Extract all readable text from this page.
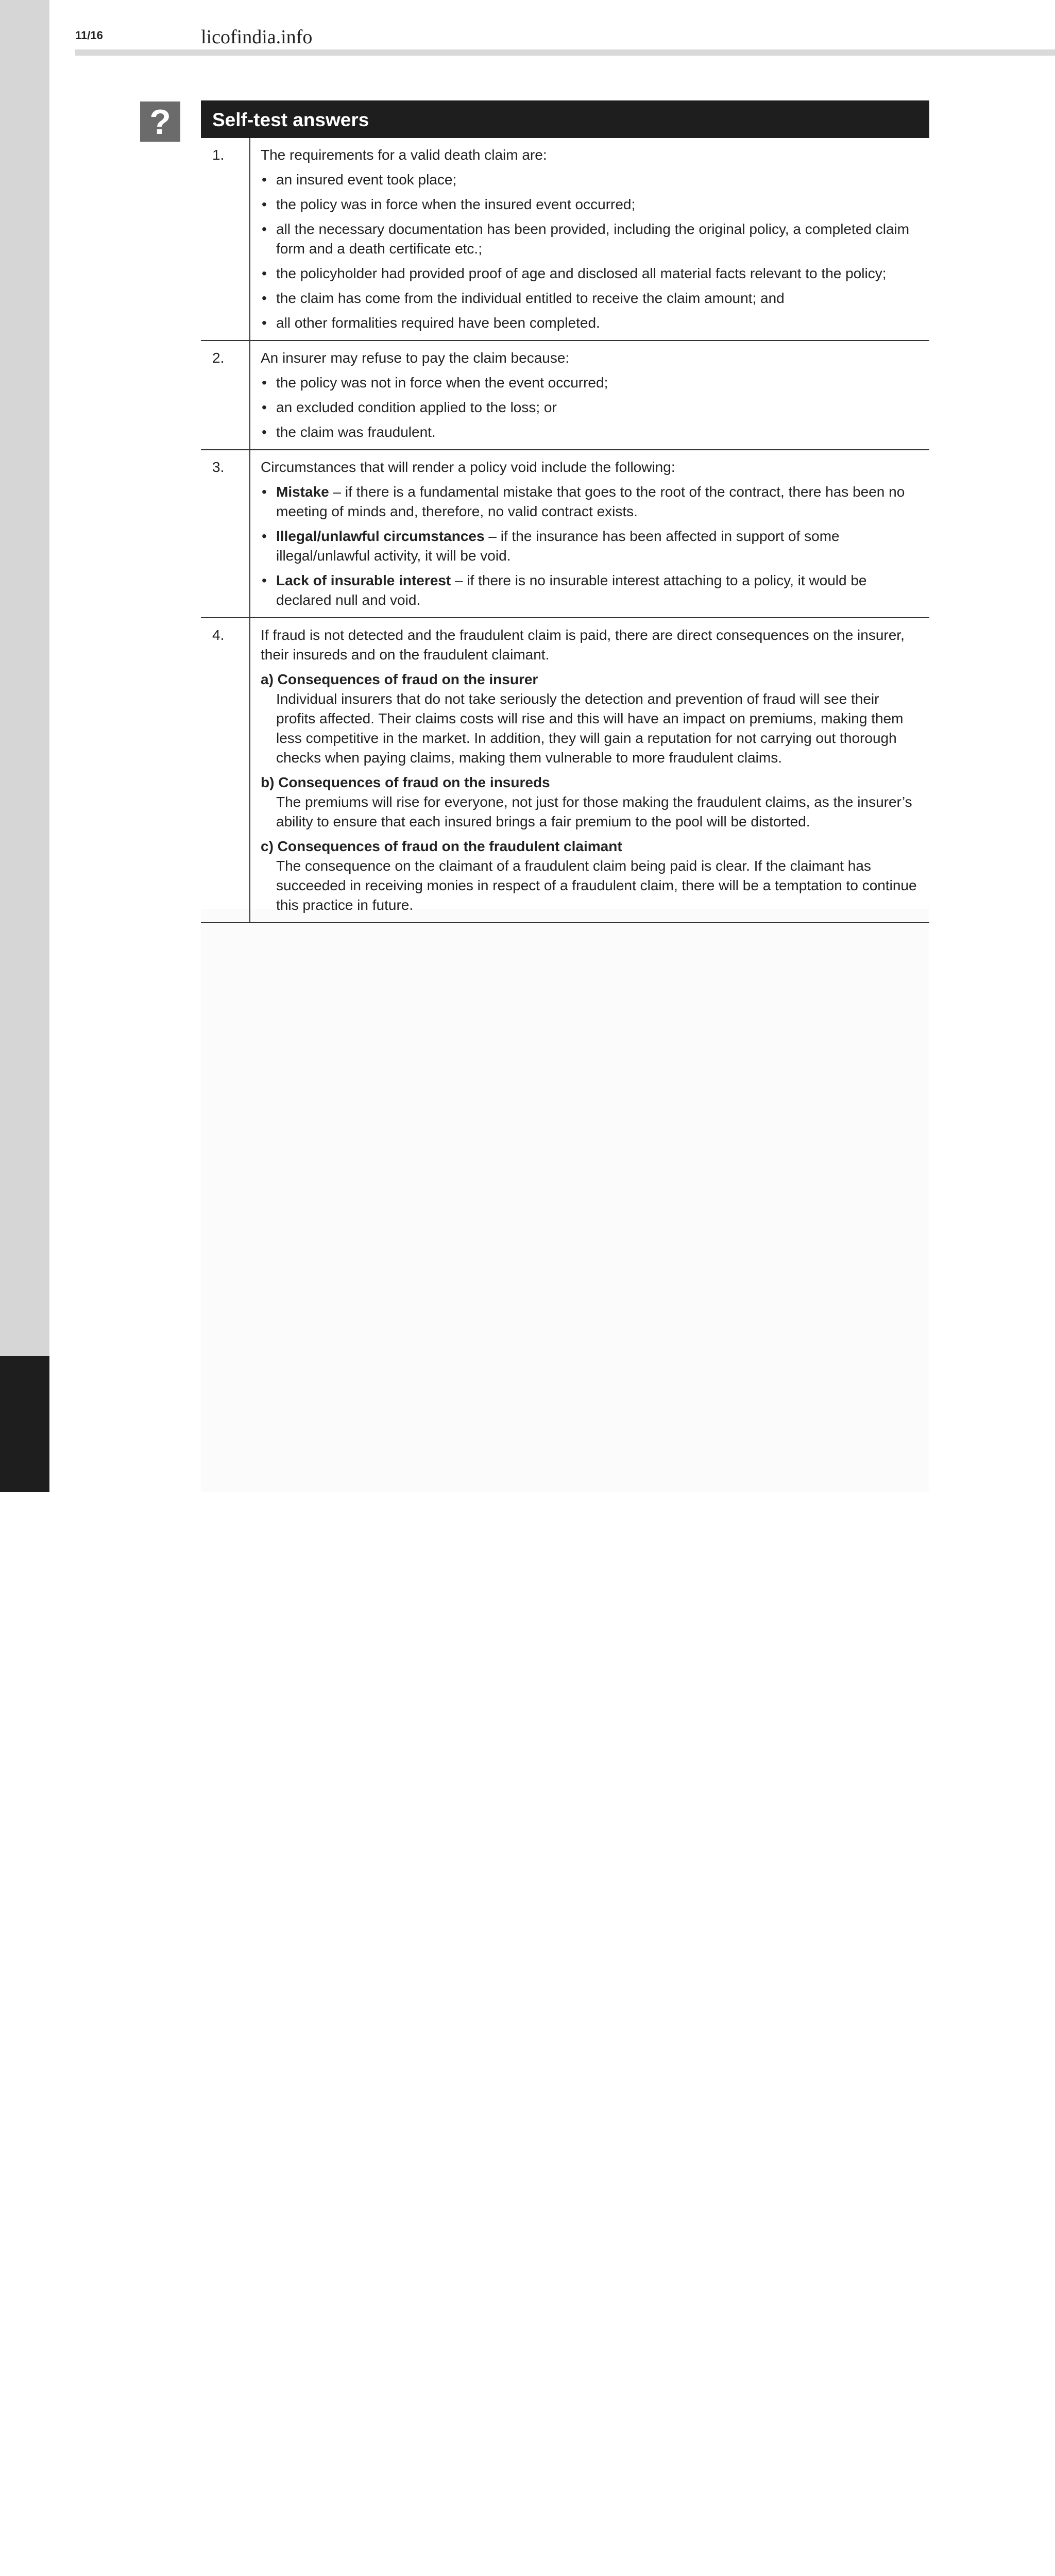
11/16	licofindia.info
?	Self-test answers
1.	The requirements for a valid death claim are:

• an insured event took place;
• the policy was in force when the insured event occurred;
• all the necessary documentation has been provided, including the original policy, a completed claim form and a death certificate etc.;
• the policyholder had provided proof of age and disclosed all material facts relevant to the policy;
• the claim has come from the individual entitled to receive the claim amount; and
• all other formalities required have been completed.
2.	An insurer may refuse to pay the claim because:

• the policy was not in force when the event occurred;
• an excluded condition applied to the loss; or
• the claim was fraudulent.
3.	Circumstances that will render a policy void include the following:

• Mistake – if there is a fundamental mistake that goes to the root of the contract, there has been no meeting of minds and, therefore, no valid contract exists.
• Illegal/unlawful circumstances – if the insurance has been affected in support of some illegal/unlawful activity, it will be void.
• Lack of insurable interest – if there is no insurable interest attaching to a policy, it would be declared null and void.
4.	If fraud is not detected and the fraudulent claim is paid, there are direct consequences on the insurer, their insureds and on the fraudulent claimant.

a) Consequences of fraud on the insurer
Individual insurers that do not take seriously the detection and prevention of fraud will see their profits affected. Their claims costs will rise and this will have an impact on premiums, making them less competitive in the market. In addition, they will gain a reputation for not carrying out thorough checks when paying claims, making them vulnerable to more fraudulent claims.
b) Consequences of fraud on the insureds
The premiums will rise for everyone, not just for those making the fraudulent claims, as the insurer’s ability to ensure that each insured brings a fair premium to the pool will be distorted.
c) Consequences of fraud on the fraudulent claimant
The consequence on the claimant of a fraudulent claim being paid is clear. If the claimant has succeeded in receiving monies in respect of a fraudulent claim, there will be a temptation to continue this practice in future.
